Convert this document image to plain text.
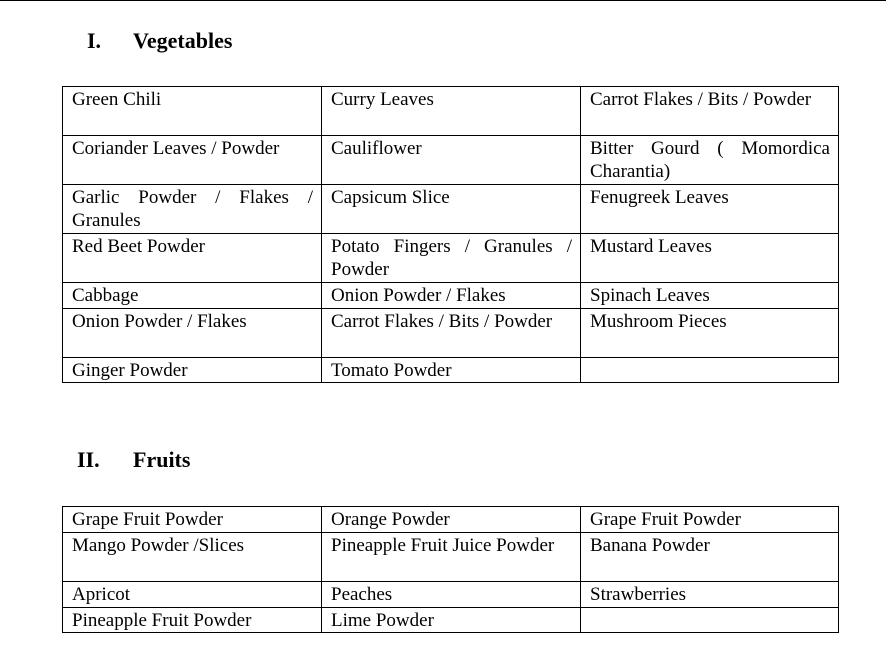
I. Vegetables
Green Chili	Curry Leaves	Carrot Flakes / Bits / Powder
Coriander Leaves / Powder	Cauliflower	Bitter Gourd ( Momordica Charantia)
Garlic Powder / Flakes / Granules	Capsicum Slice	Fenugreek Leaves
Red Beet Powder	Potato Fingers / Granules / Powder	Mustard Leaves
Cabbage	Onion Powder / Flakes	Spinach Leaves
Onion Powder / Flakes	Carrot Flakes / Bits / Powder	Mushroom Pieces
Ginger Powder	Tomato Powder	
II. Fruits
Grape Fruit Powder	Orange Powder	Grape Fruit Powder
Mango Powder /Slices	Pineapple Fruit Juice Powder	Banana Powder
Apricot	Peaches	Strawberries
Pineapple Fruit Powder	Lime Powder	
